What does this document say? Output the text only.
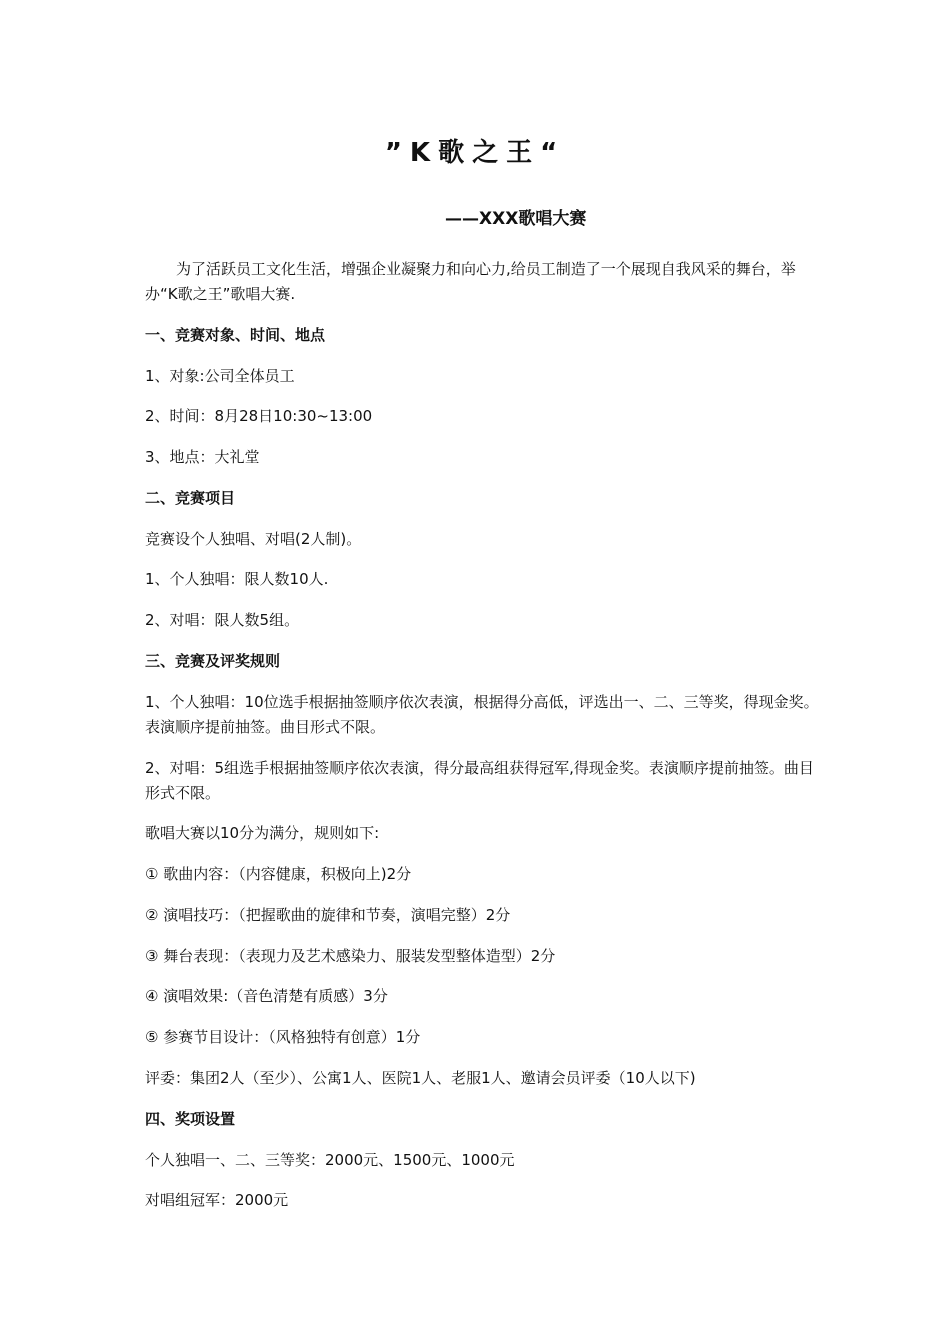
”K歌之王“
——XXX歌唱大赛
为了活跃员工文化生活，增强企业凝聚力和向心力,给员工制造了一个展现自我风采的舞台，举办“K歌之王”歌唱大赛.
一、竞赛对象、时间、地点
1、对象:公司全体员工
2、时间：8月28日10:30~13:00
3、地点：大礼堂
二、竞赛项目
竞赛设个人独唱、对唱(2人制)。
1、个人独唱：限人数10人.
2、对唱：限人数5组。
三、竞赛及评奖规则
1、个人独唱：10位选手根据抽签顺序依次表演，根据得分高低，评选出一、二、三等奖，得现金奖。表演顺序提前抽签。曲目形式不限。
2、对唱：5组选手根据抽签顺序依次表演，得分最高组获得冠军,得现金奖。表演顺序提前抽签。曲目形式不限。
歌唱大赛以10分为满分，规则如下:
① 歌曲内容：（内容健康，积极向上)2分
② 演唱技巧：（把握歌曲的旋律和节奏，演唱完整）2分
③ 舞台表现：（表现力及艺术感染力、服装发型整体造型）2分
④ 演唱效果:（音色清楚有质感）3分
⑤ 参赛节目设计：（风格独特有创意）1分
评委：集团2人（至少）、公寓1人、医院1人、老服1人、邀请会员评委（10人以下)
四、奖项设置
个人独唱一、二、三等奖：2000元、1500元、1000元
对唱组冠军：2000元
